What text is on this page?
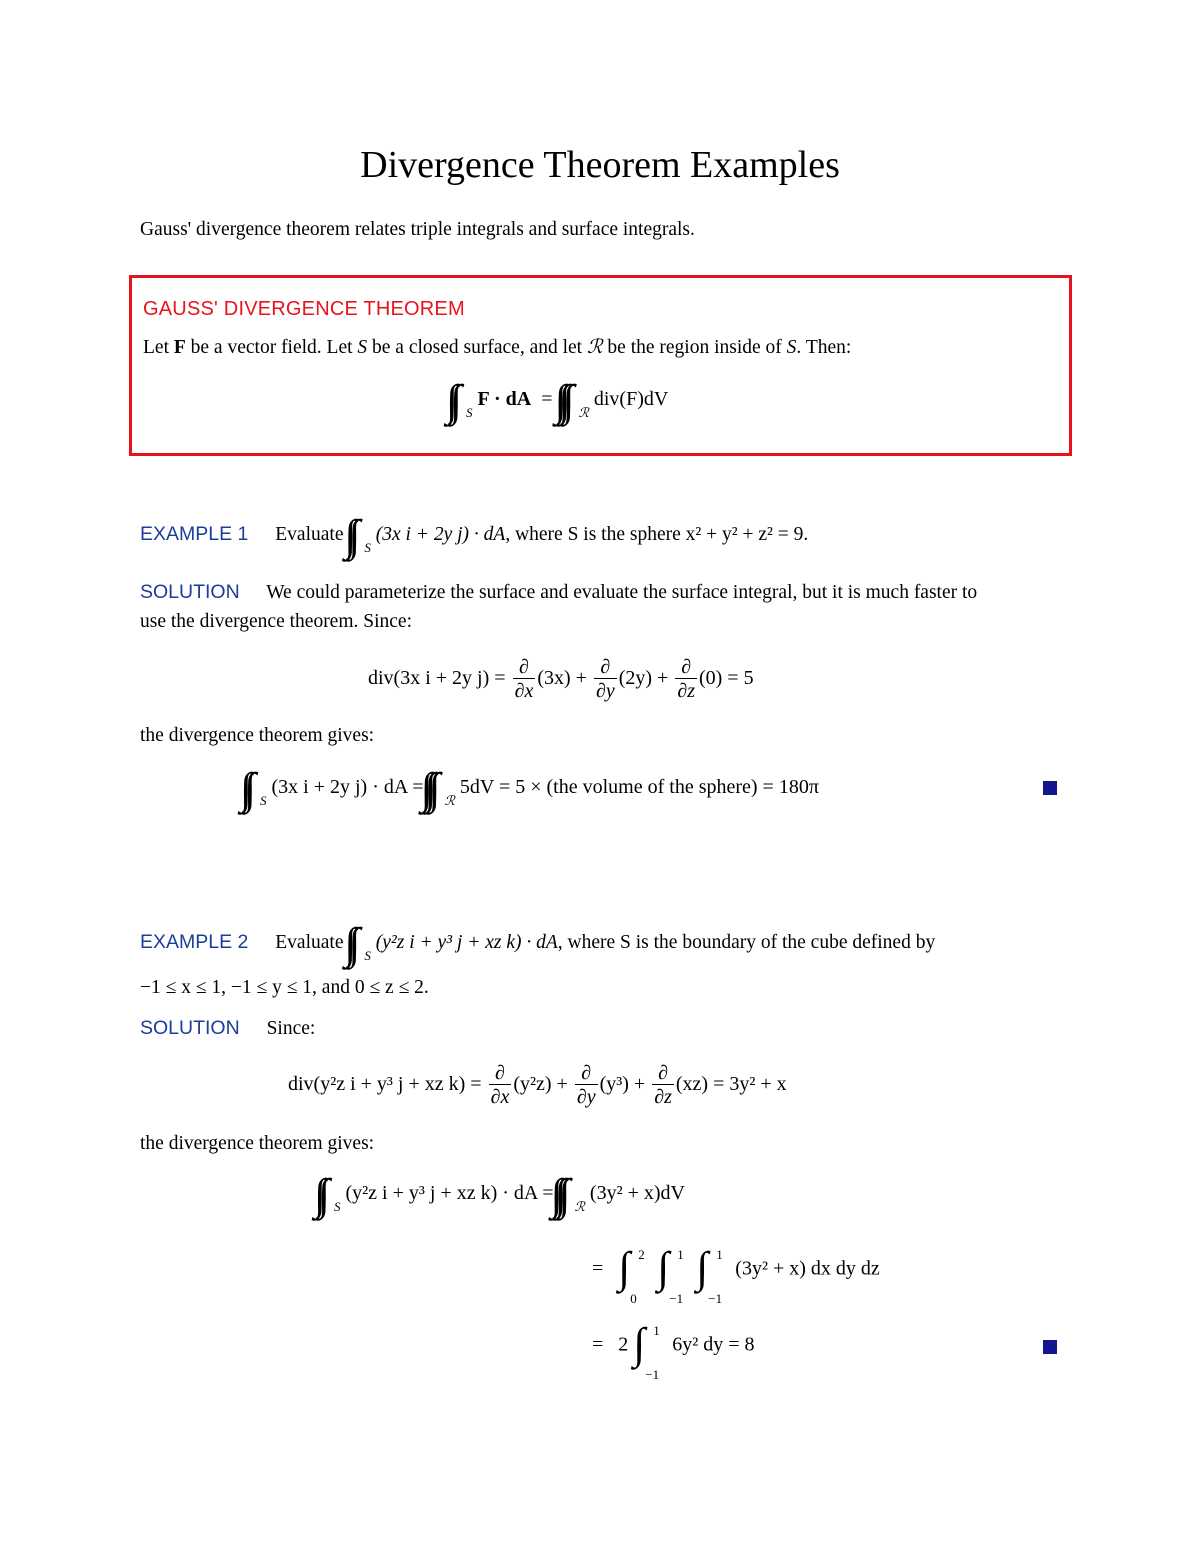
Divergence Theorem Examples
Gauss' divergence theorem relates triple integrals and surface integrals.
GAUSS' DIVERGENCE THEOREM
Let F be a vector field. Let S be a closed surface, and let ℛ be the region inside of S. Then:
$_S$ F · dA =  $_ℛ$ div(F)dV
EXAMPLE 1 Evaluate $_S$ (3x i + 2y j) · dA, where S is the sphere x² + y² + z² = 9.
SOLUTION We could parameterize the surface and evaluate the surface integral, but it is much faster to
use the divergence theorem. Since:
div(3x i + 2y $j) = \frac{\partial}{\partial x} (3x) + \frac{\partial}{\partial y} (2y) + \frac{\partial}{\partial z} (0) = 5$
the divergence theorem gives:
$_S$ (3x i + 2y j) · dA = $_ℛ$ 5dV = 5 × (the volume of the sphere) = 180π
EXAMPLE 2 Evaluate $_S$ (y²z i + y³ j + xz k) · dA, where S is the boundary of the cube defined by
−1 ≤ x ≤ 1, −1 ≤ y ≤ 1, and 0 ≤ z ≤ 2.
SOLUTION Since:
div(y²z i + y³ j + xz $k) = \frac{\partial}{\partial x} (y^2z) + \frac{\partial}{\partial y} (y^3) + \frac{\partial}{\partial z} (xz) = 3y^2 + x$
the divergence theorem gives:
$_S$ (y²z i + y³ j + xz k) · dA = $_ℛ$ (3y² + x)dV
= ∫ 2
0

∫ 1
−1

∫ 1
−1
(3y² + x) dx dy dz
= 2 ∫ 1
−1
6y² dy = 8
